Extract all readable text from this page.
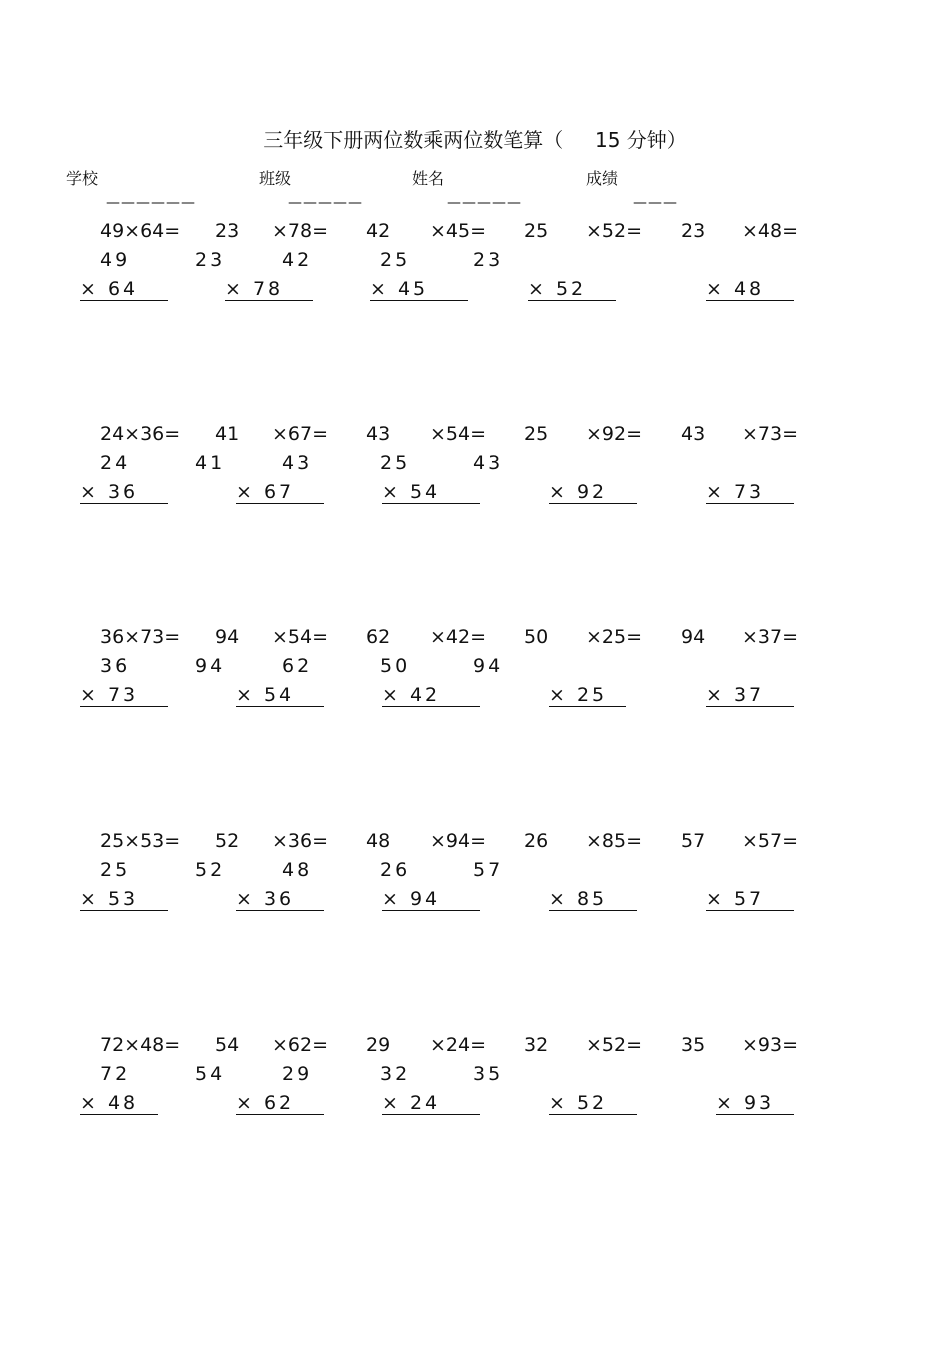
三年级下册两位数乘两位数笔算（     15 分钟）
学校	班级	姓名	成绩
——————	—————	—————	———
49×64= 23 ×78= 42 ×45= 25 ×52= 23 ×48=
49	23	42	25	23
× 64	× 78	× 45	× 52	× 48
24×36= 41 ×67= 43 ×54= 25 ×92= 43 ×73=
24	41	43	25	43
× 36	× 67	× 54	× 92	× 73
36×73= 94 ×54= 62 ×42= 50 ×25= 94 ×37=
36	94	62	50	94
× 73	× 54	× 42	× 25	× 37
25×53= 52 ×36= 48 ×94= 26 ×85= 57 ×57=
25	52	48	26	57
× 53	× 36	× 94	× 85	× 57
72×48= 54 ×62= 29 ×24= 32 ×52= 35 ×93=
72	54	29	32	35
× 48	× 62	× 24	× 52	× 93
